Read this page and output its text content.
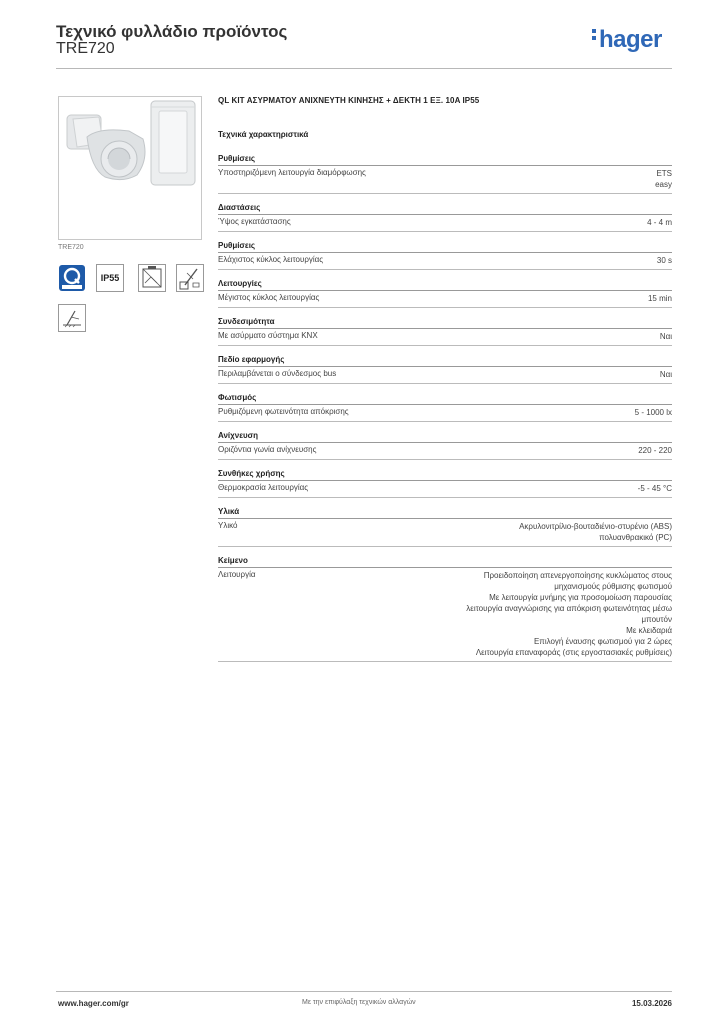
Τεχνικό φυλλάδιο προϊόντος
TRE720	hager
TRE720
IP55
QL ΚΙΤ ΑΣΥΡΜΑΤΟΥ ΑΝΙΧΝΕΥΤΗ ΚΙΝΗΣΗΣ + ΔΕΚΤΗ 1 ΕΞ. 10A IP55
Τεχνικά χαρακτηριστικά
Ρυθμίσεις
Υποστηριζόμενη λειτουργία διαμόρφωσης	ETS
easy
Διαστάσεις
Ύψος εγκατάστασης	4 - 4 m
Ρυθμίσεις
Ελάχιστος κύκλος λειτουργίας	30 s
Λειτουργίες
Μέγιστος κύκλος λειτουργίας	15 min
Συνδεσιμότητα
Με ασύρματο σύστημα KNX	Ναι
Πεδίο εφαρμογής
Περιλαμβάνεται ο σύνδεσμος bus	Ναι
Φωτισμός
Ρυθμιζόμενη φωτεινότητα απόκρισης	5 - 1000 lx
Ανίχνευση
Οριζόντια γωνία ανίχνευσης	220 - 220
Συνθήκες χρήσης
Θερμοκρασία λειτουργίας	-5 - 45 °C
Υλικά
Υλικό	Ακρυλονιτρίλιο-βουταδιένιο-στυρένιο (ABS)
πολυανθρακικό (PC)
Κείμενο
Λειτουργία	Προειδοποίηση απενεργοποίησης κυκλώματος στους
μηχανισμούς ρύθμισης φωτισμού
Με λειτουργία μνήμης για προσομοίωση παρουσίας
λειτουργία αναγνώρισης για απόκριση φωτεινότητας μέσω
μπουτόν
Με κλειδαριά
Επιλογή έναυσης φωτισμού για 2 ώρες
Λειτουργία επαναφοράς (στις εργοστασιακές ρυθμίσεις)
www.hager.com/gr	Με την επιφύλαξη τεχνικών αλλαγών	15.03.2026
